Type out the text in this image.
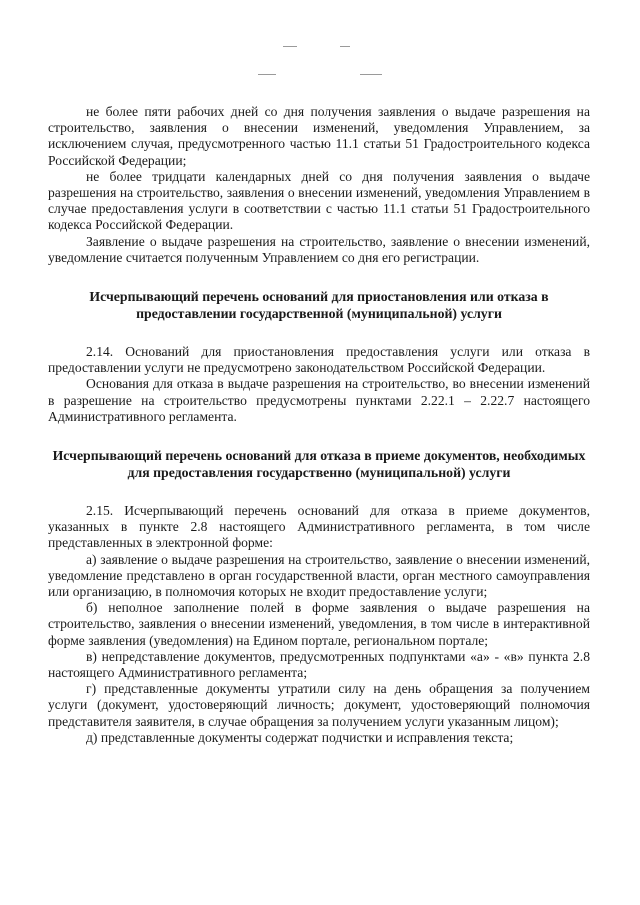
не более пяти рабочих дней со дня получения заявления о выдаче разрешения на строительство, заявления о внесении изменений, уведомления Управлением, за исключением случая, предусмотренного частью 11.1 статьи 51 Градостроительного кодекса Российской Федерации;

не более тридцати календарных дней со дня получения заявления о выдаче разрешения на строительство, заявления о внесении изменений, уведомления Управлением в случае предоставления услуги в соответствии с частью 11.1 статьи 51 Градостроительного кодекса Российской Федерации.

Заявление о выдаче разрешения на строительство, заявление о внесении изменений, уведомление считается полученным Управлением со дня его регистрации.

Исчерпывающий перечень оснований для приостановления или отказа в предоставлении государственной (муниципальной) услуги

2.14. Оснований для приостановления предоставления услуги или отказа в предоставлении услуги не предусмотрено законодательством Российской Федерации.

Основания для отказа в выдаче разрешения на строительство, во внесении изменений в разрешение на строительство предусмотрены пунктами 2.22.1 – 2.22.7 настоящего Административного регламента.

Исчерпывающий перечень оснований для отказа в приеме документов, необходимых для предоставления государственно (муниципальной) услуги

2.15. Исчерпывающий перечень оснований для отказа в приеме документов, указанных в пункте 2.8 настоящего Административного регламента, в том числе представленных в электронной форме:

а) заявление о выдаче разрешения на строительство, заявление о внесении изменений, уведомление представлено в орган государственной власти, орган местного самоуправления или организацию, в полномочия которых не входит предоставление услуги;

б) неполное заполнение полей в форме заявления о выдаче разрешения на строительство, заявления о внесении изменений, уведомления, в том числе в интерактивной форме заявления (уведомления) на Едином портале, региональном портале;

в) непредставление документов, предусмотренных подпунктами «а» - «в» пункта 2.8 настоящего Административного регламента;

г) представленные документы утратили силу на день обращения за получением услуги (документ, удостоверяющий личность; документ, удостоверяющий полномочия представителя заявителя, в случае обращения за получением услуги указанным лицом);

д) представленные документы содержат подчистки и исправления текста;
